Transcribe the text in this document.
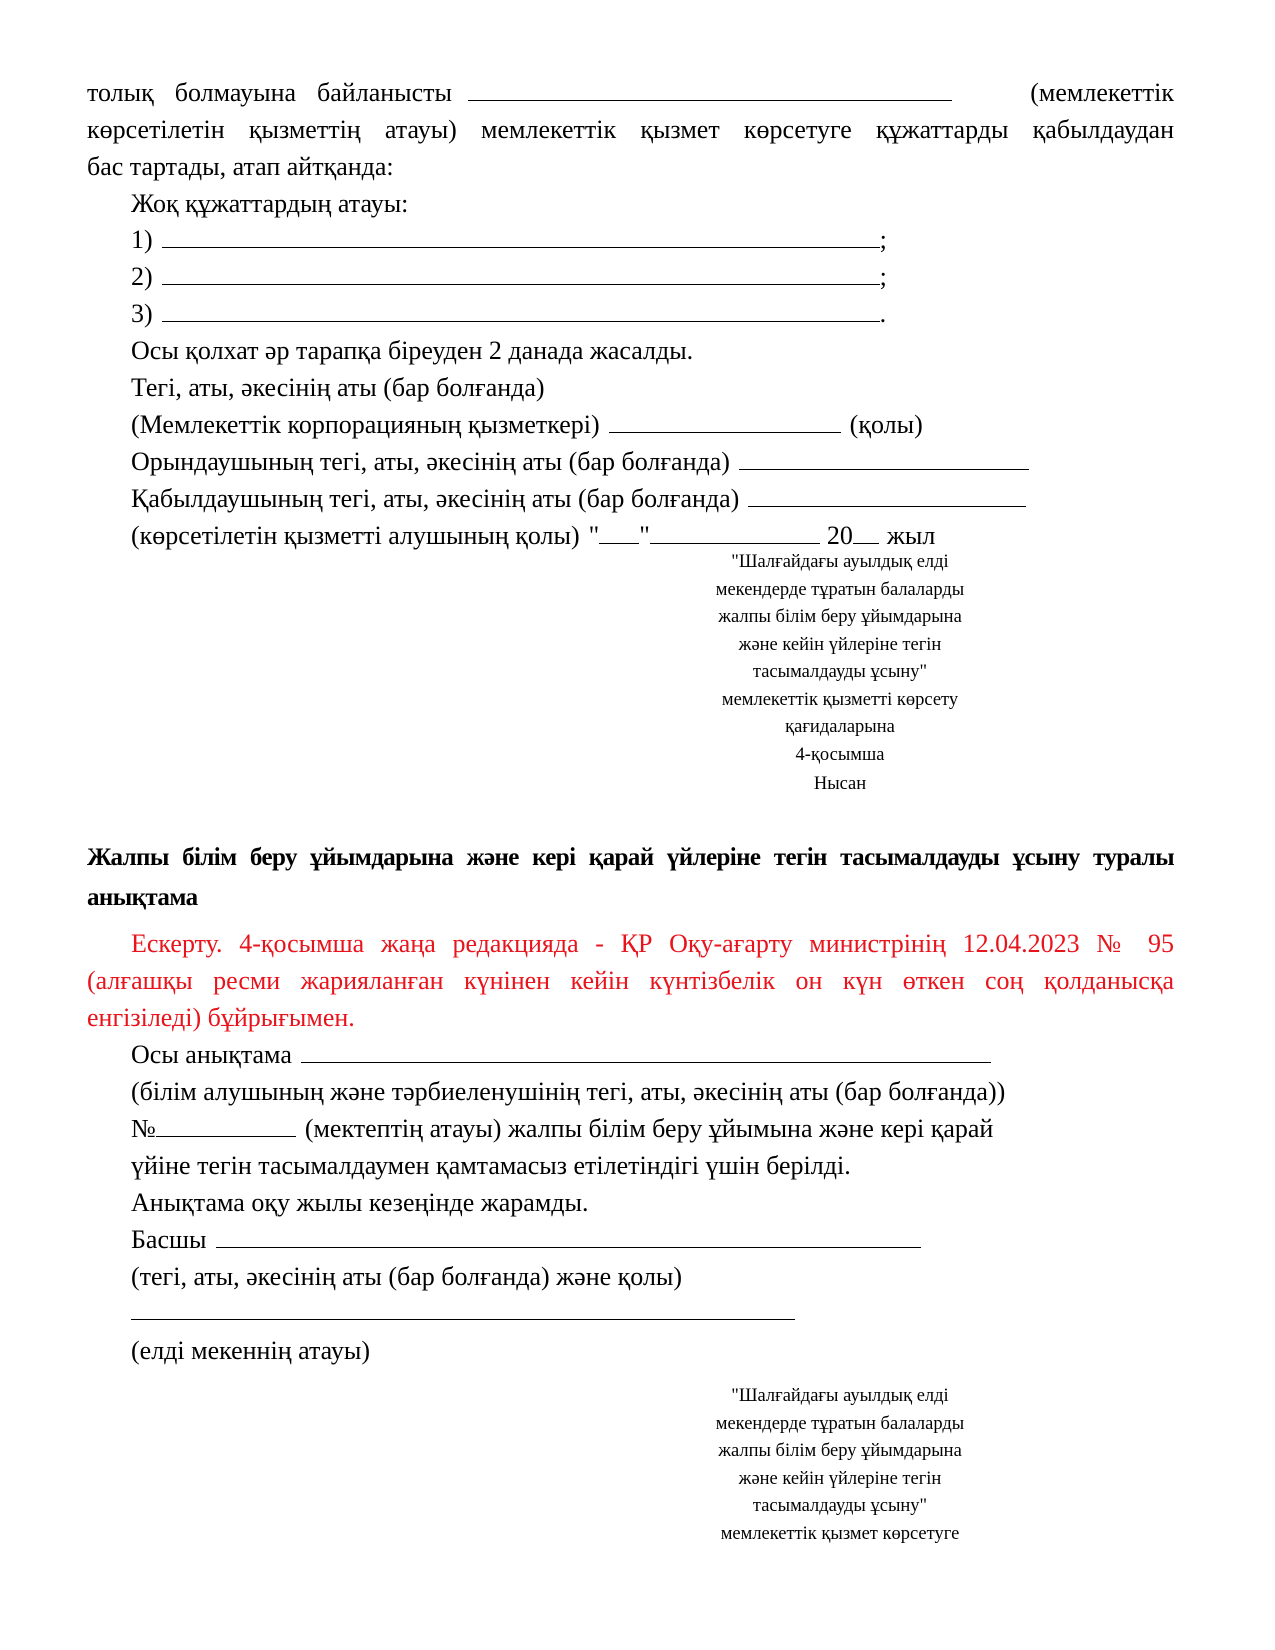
толық  болмауына  байланысты	(мемлекеттік
көрсетілетін қызметтің атауы) мемлекеттік қызмет көрсетуге құжаттарды қабылдаудан
бас тартады, атап айтқанда:
Жоқ құжаттардың атауы:
1)	;
2)	;
3)	.
Осы қолхат әр тарапқа біреуден 2 данада жасалды.
Тегі, аты, әкесінің аты (бар болғанда)
(Мемлекеттік корпорацияның қызметкері)	(қолы)
Орындаушының тегі, аты, әкесінің аты (бар болғанда)
Қабылдаушының тегі, аты, әкесінің аты (бар болғанда)
(көрсетілетін қызметті алушының қолы) " "	20 жыл
"Шалғайдағы ауылдық елді
мекендерде тұратын балаларды
жалпы білім беру ұйымдарына
және кейін үйлеріне тегін
тасымалдауды ұсыну"
мемлекеттік қызметті көрсету
қағидаларына
4-қосымша
Нысан
Жалпы білім беру ұйымдарына және кері қарай үйлеріне тегін тасымалдауды ұсыну туралы
анықтама
Ескерту. 4-қосымша жаңа редакцияда - ҚР Оқу-ағарту министрінің 12.04.2023 № 95
(алғашқы ресми жарияланған күнінен кейін күнтізбелік он күн өткен соң қолданысқа
енгізіледі) бұйрығымен.
Осы анықтама
(білім алушының және тәрбиеленушінің тегі, аты, әкесінің аты (бар болғанда))
№	(мектептің атауы) жалпы білім беру ұйымына және кері қарай
үйіне тегін тасымалдаумен қамтамасыз етілетіндігі үшін берілді.
Анықтама оқу жылы кезеңінде жарамды.
Басшы
(тегі, аты, әкесінің аты (бар болғанда) және қолы)
(елді мекеннің атауы)
"Шалғайдағы ауылдық елді
мекендерде тұратын балаларды
жалпы білім беру ұйымдарына
және кейін үйлеріне тегін
тасымалдауды ұсыну"
мемлекеттік қызмет көрсетуге
